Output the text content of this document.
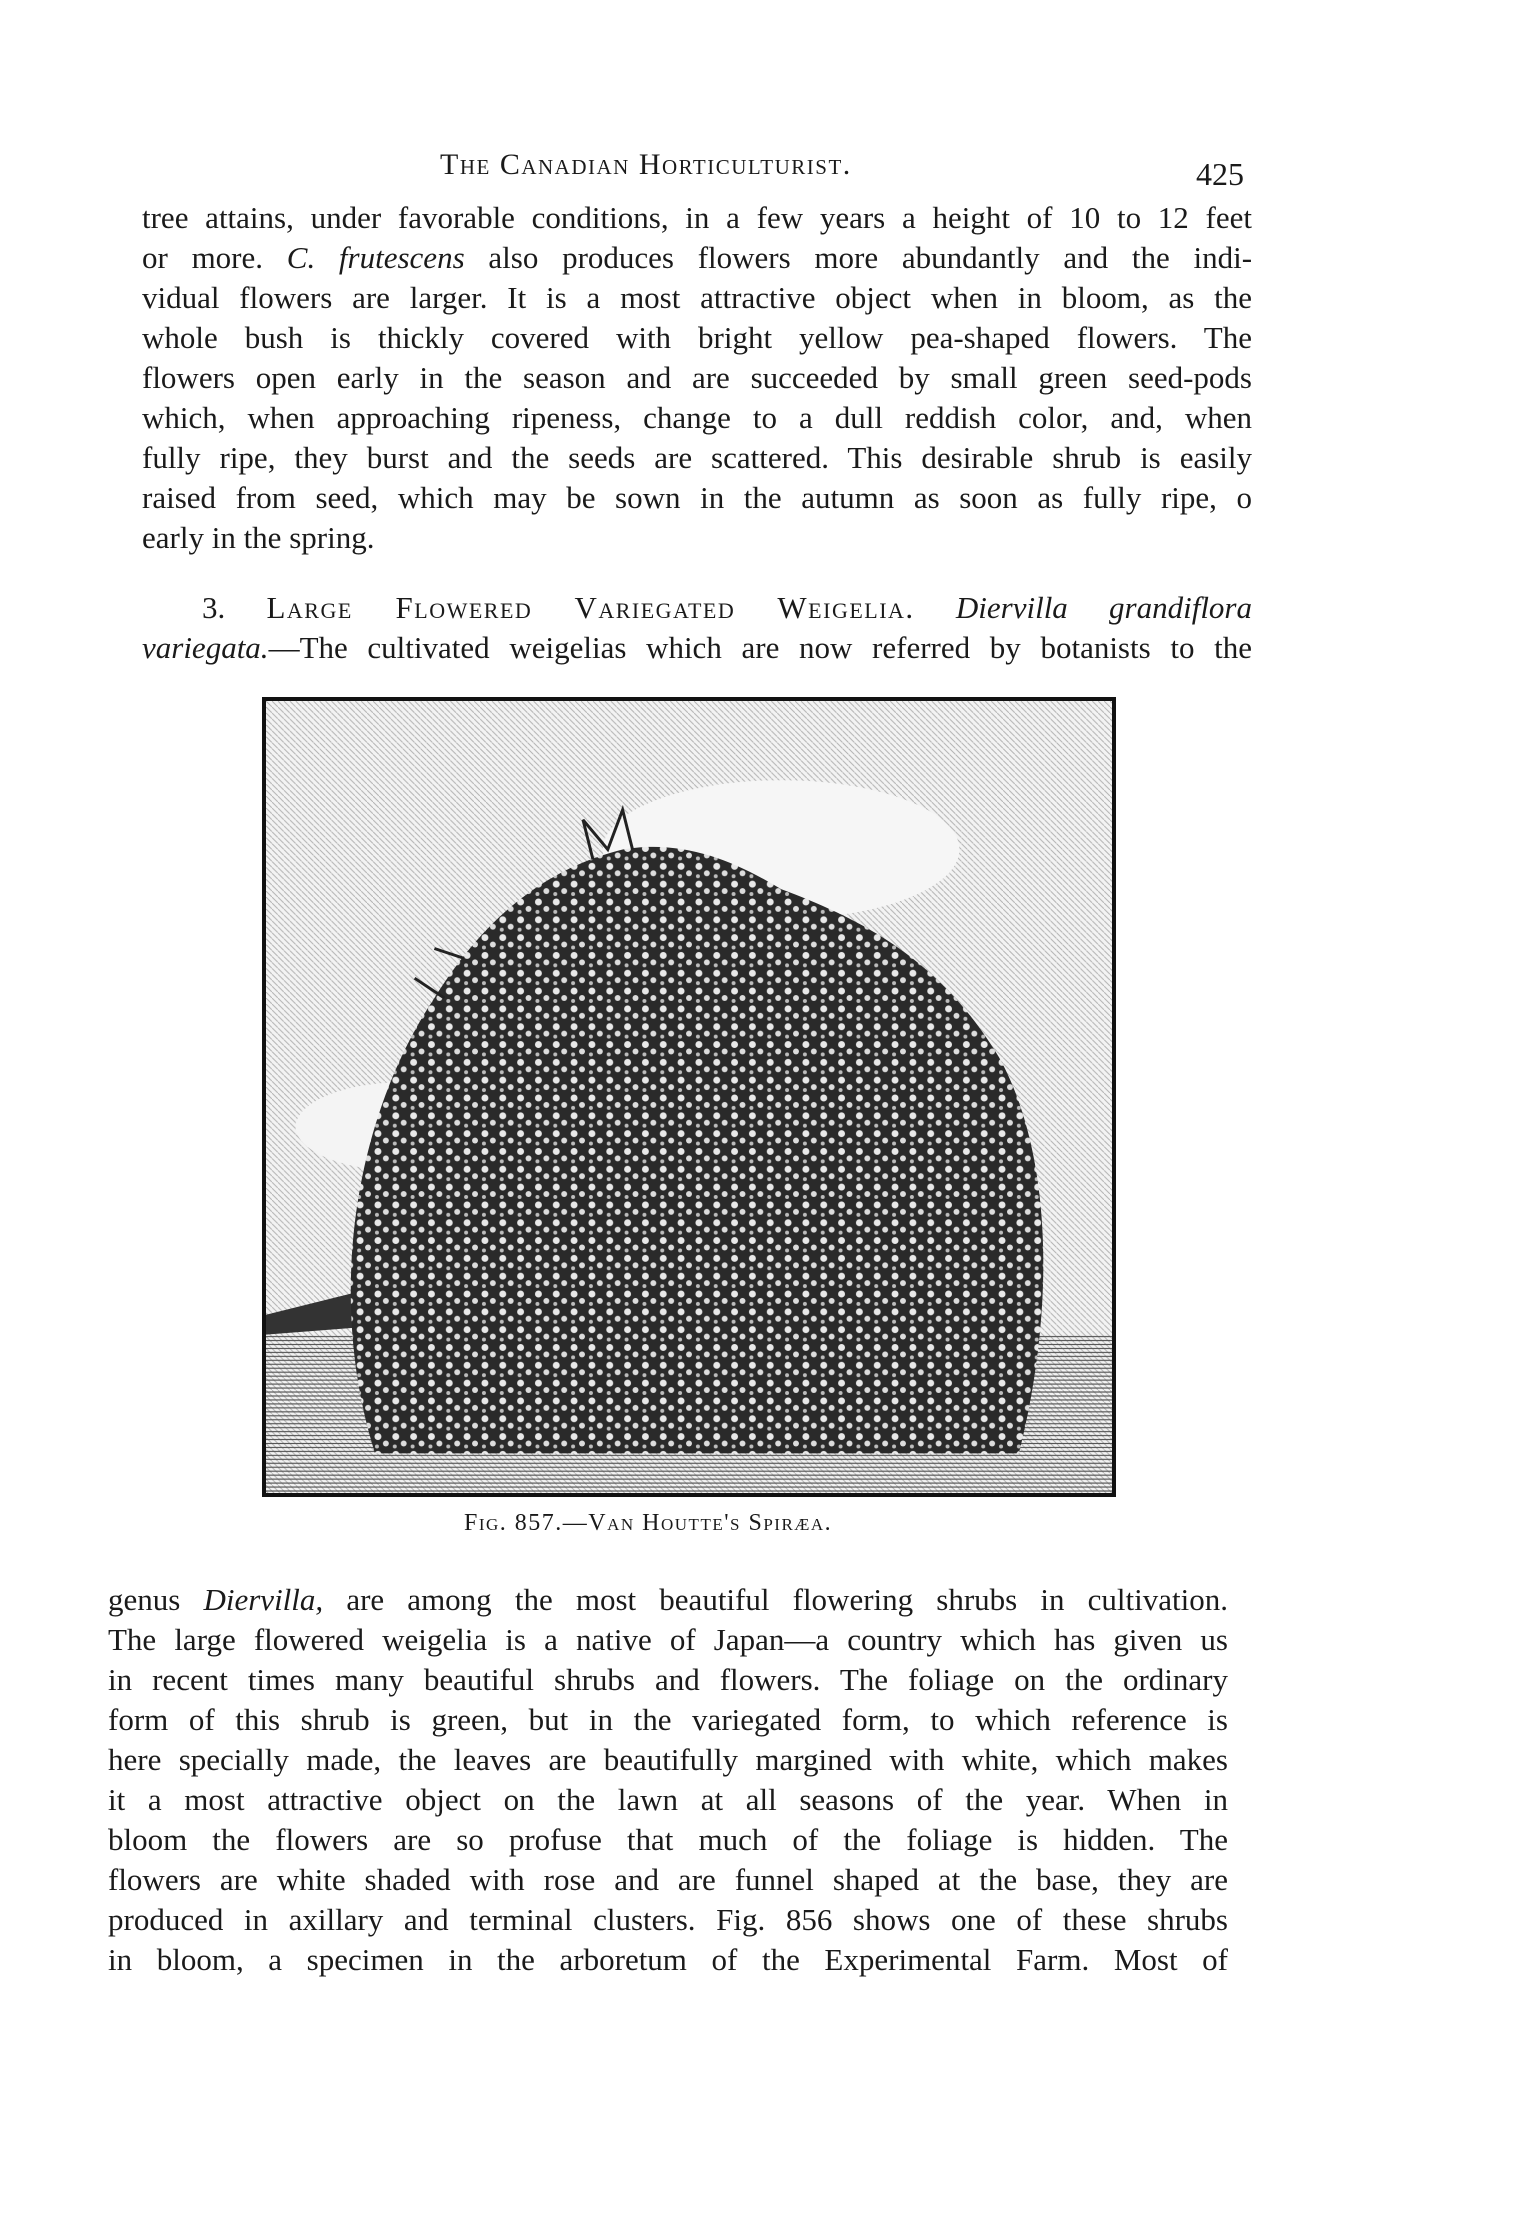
The Canadian Horticulturist.	425
tree attains, under favorable conditions, in a few years a height of 10 to 12 feet
or more. C. frutescens also produces flowers more abundantly and the indi-
vidual flowers are larger. It is a most attractive object when in bloom, as the
whole bush is thickly covered with bright yellow pea-shaped flowers. The
flowers open early in the season and are succeeded by small green seed-pods
which, when approaching ripeness, change to a dull reddish color, and, when
fully ripe, they burst and the seeds are scattered. This desirable shrub is easily
raised from seed, which may be sown in the autumn as soon as fully ripe, o
early in the spring.
3. Large Flowered Variegated Weigelia. Diervilla grandiflora
variegata.—The cultivated weigelias which are now referred by botanists to the
Fig. 857.—Van Houtte's Spiræa.
genus Diervilla, are among the most beautiful flowering shrubs in cultivation.
The large flowered weigelia is a native of Japan—a country which has given us
in recent times many beautiful shrubs and flowers. The foliage on the ordinary
form of this shrub is green, but in the variegated form, to which reference is
here specially made, the leaves are beautifully margined with white, which makes
it a most attractive object on the lawn at all seasons of the year. When in
bloom the flowers are so profuse that much of the foliage is hidden. The
flowers are white shaded with rose and are funnel shaped at the base, they are
produced in axillary and terminal clusters. Fig. 856 shows one of these shrubs
in bloom, a specimen in the arboretum of the Experimental Farm. Most of
